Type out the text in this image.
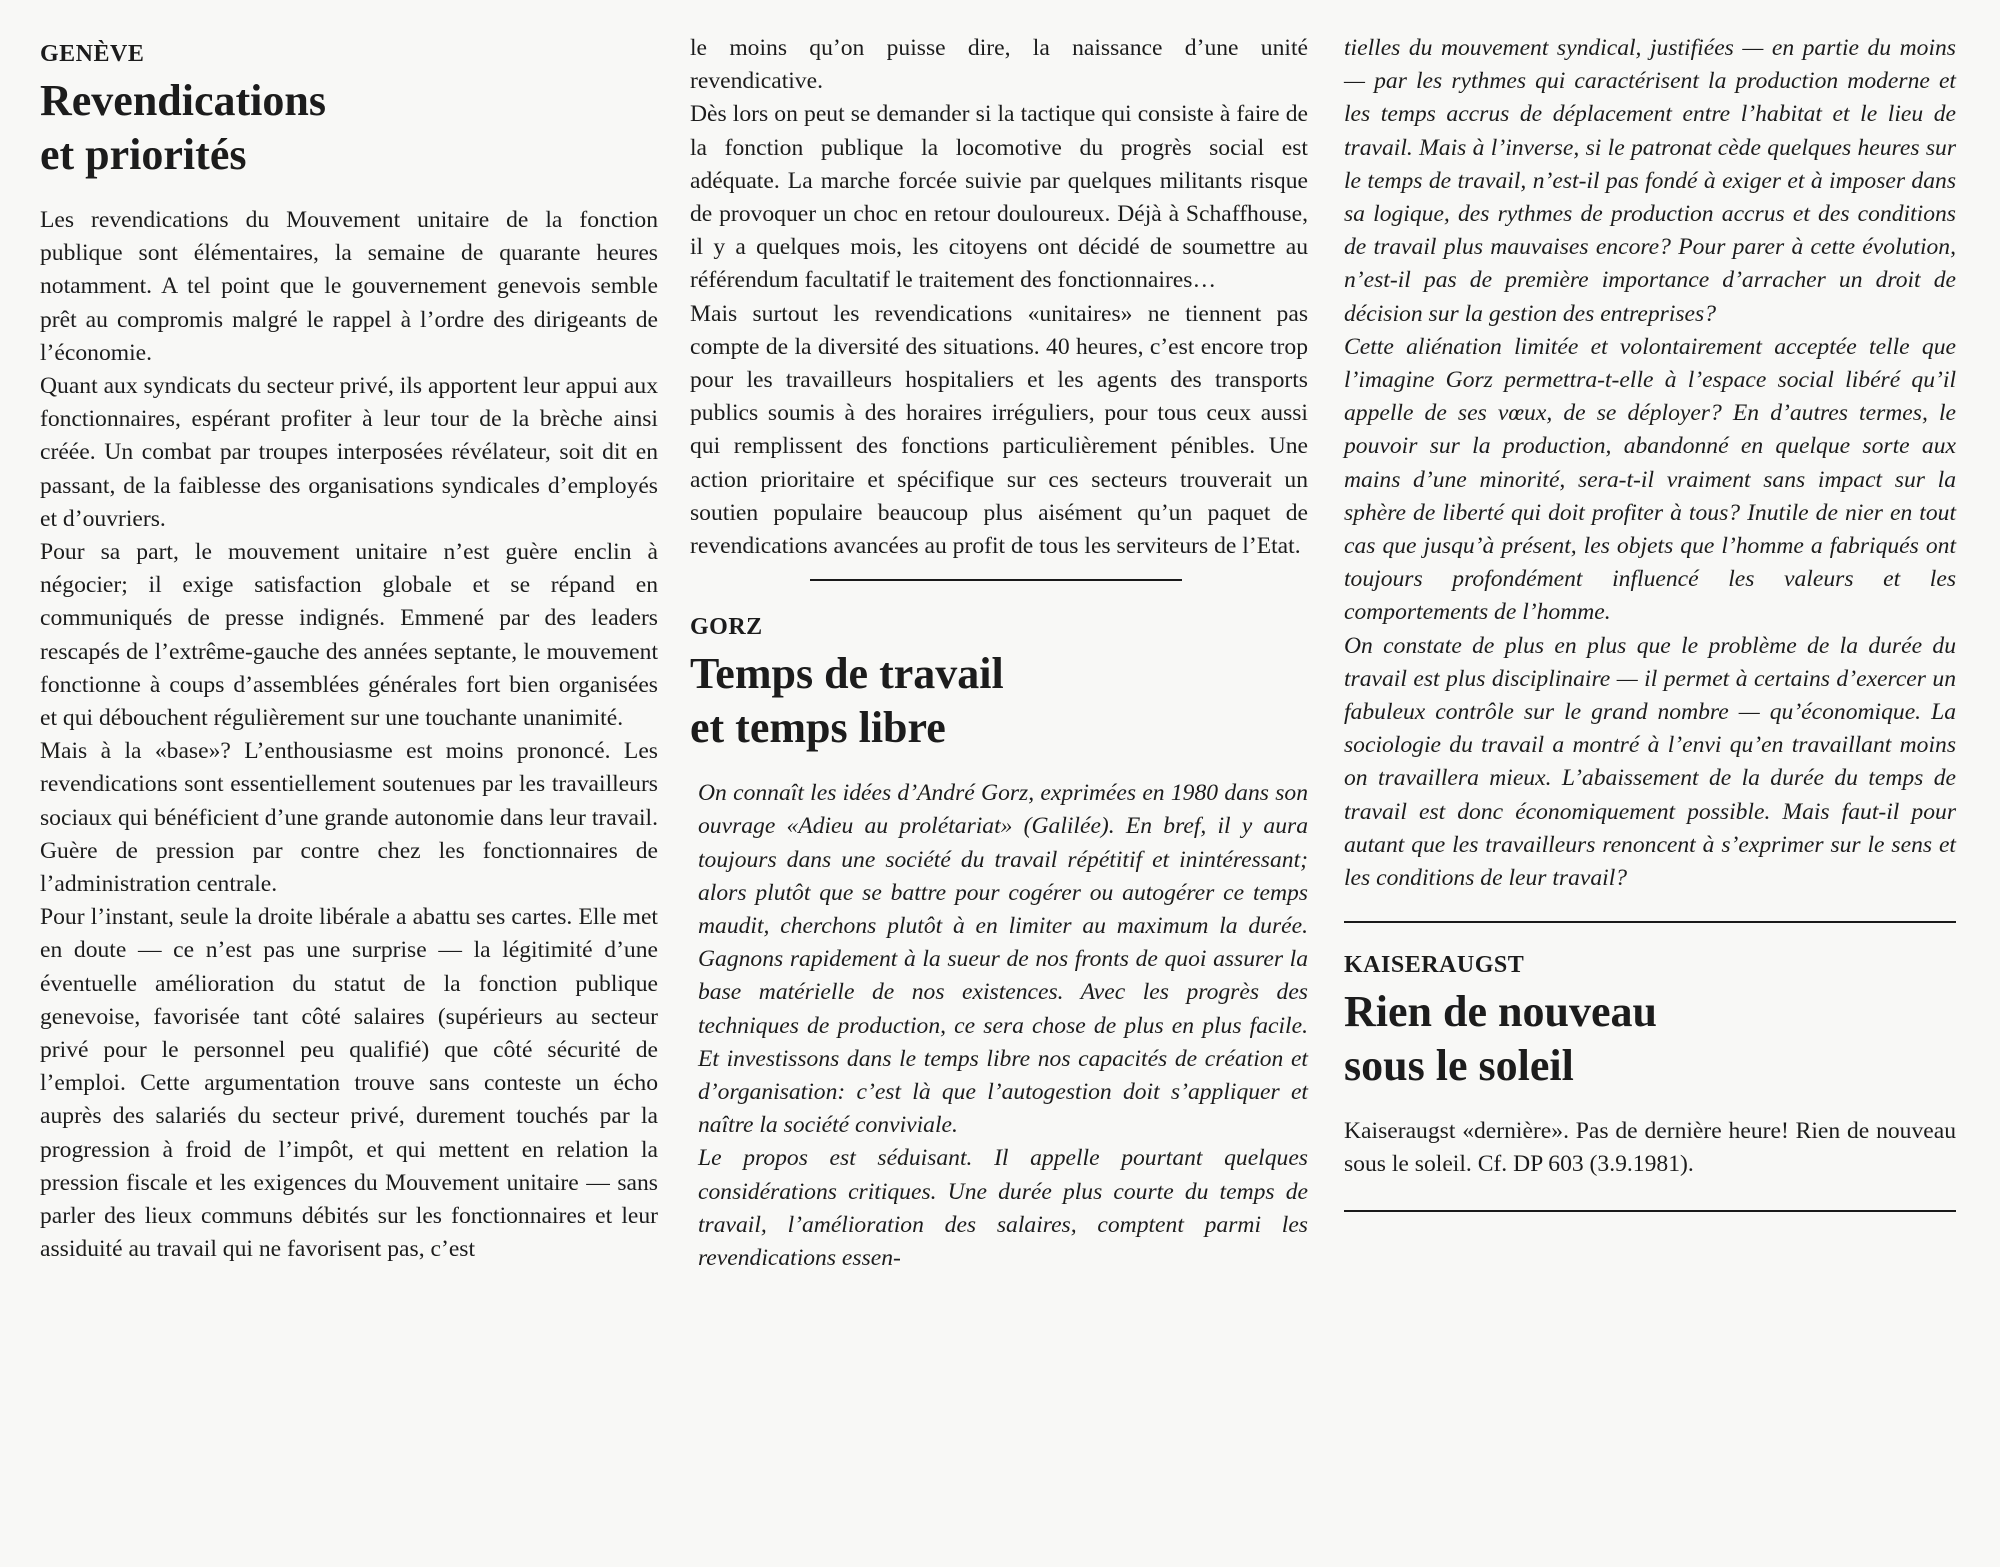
GENÈVE
Revendications
et priorités

Les revendications du Mouvement unitaire de la fonction publique sont élémentaires, la semaine de quarante heures notamment. A tel point que le gouvernement genevois semble prêt au compromis malgré le rappel à l’ordre des dirigeants de l’économie.

Quant aux syndicats du secteur privé, ils apportent leur appui aux fonctionnaires, espérant profiter à leur tour de la brèche ainsi créée. Un combat par troupes interposées révélateur, soit dit en passant, de la faiblesse des organisations syndicales d’employés et d’ouvriers.

Pour sa part, le mouvement unitaire n’est guère enclin à négocier; il exige satisfaction globale et se répand en communiqués de presse indignés. Emmené par des leaders rescapés de l’extrême-gauche des années septante, le mouvement fonctionne à coups d’assemblées générales fort bien organisées et qui débouchent régulièrement sur une touchante unanimité.

Mais à la «base»? L’enthousiasme est moins prononcé. Les revendications sont essentiellement soutenues par les travailleurs sociaux qui bénéficient d’une grande autonomie dans leur travail. Guère de pression par contre chez les fonctionnaires de l’administration centrale.

Pour l’instant, seule la droite libérale a abattu ses cartes. Elle met en doute — ce n’est pas une surprise — la légitimité d’une éventuelle amélioration du statut de la fonction publique genevoise, favorisée tant côté salaires (supérieurs au secteur privé pour le personnel peu qualifié) que côté sécurité de l’emploi. Cette argumentation trouve sans conteste un écho auprès des salariés du secteur privé, durement touchés par la progression à froid de l’impôt, et qui mettent en relation la pression fiscale et les exigences du Mouvement unitaire — sans parler des lieux communs débités sur les fonctionnaires et leur assiduité au travail qui ne favorisent pas, c’est

le moins qu’on puisse dire, la naissance d’une unité revendicative.

Dès lors on peut se demander si la tactique qui consiste à faire de la fonction publique la locomotive du progrès social est adéquate. La marche forcée suivie par quelques militants risque de provoquer un choc en retour douloureux. Déjà à Schaffhouse, il y a quelques mois, les citoyens ont décidé de soumettre au référendum facultatif le traitement des fonctionnaires…

Mais surtout les revendications «unitaires» ne tiennent pas compte de la diversité des situations. 40 heures, c’est encore trop pour les travailleurs hospitaliers et les agents des transports publics soumis à des horaires irréguliers, pour tous ceux aussi qui remplissent des fonctions particulièrement pénibles. Une action prioritaire et spécifique sur ces secteurs trouverait un soutien populaire beaucoup plus aisément qu’un paquet de revendications avancées au profit de tous les serviteurs de l’Etat.

GORZ
Temps de travail
et temps libre

On connaît les idées d’André Gorz, exprimées en 1980 dans son ouvrage «Adieu au prolétariat» (Galilée). En bref, il y aura toujours dans une société du travail répétitif et inintéressant; alors plutôt que se battre pour cogérer ou autogérer ce temps maudit, cherchons plutôt à en limiter au maximum la durée. Gagnons rapidement à la sueur de nos fronts de quoi assurer la base matérielle de nos existences. Avec les progrès des techniques de production, ce sera chose de plus en plus facile. Et investissons dans le temps libre nos capacités de création et d’organisation: c’est là que l’autogestion doit s’appliquer et naître la société conviviale.

Le propos est séduisant. Il appelle pourtant quelques considérations critiques. Une durée plus courte du temps de travail, l’amélioration des salaires, comptent parmi les revendications essen-

tielles du mouvement syndical, justifiées — en partie du moins — par les rythmes qui caractérisent la production moderne et les temps accrus de déplacement entre l’habitat et le lieu de travail. Mais à l’inverse, si le patronat cède quelques heures sur le temps de travail, n’est-il pas fondé à exiger et à imposer dans sa logique, des rythmes de production accrus et des conditions de travail plus mauvaises encore? Pour parer à cette évolution, n’est-il pas de première importance d’arracher un droit de décision sur la gestion des entreprises?

Cette aliénation limitée et volontairement acceptée telle que l’imagine Gorz permettra-t-elle à l’espace social libéré qu’il appelle de ses vœux, de se déployer? En d’autres termes, le pouvoir sur la production, abandonné en quelque sorte aux mains d’une minorité, sera-t-il vraiment sans impact sur la sphère de liberté qui doit profiter à tous? Inutile de nier en tout cas que jusqu’à présent, les objets que l’homme a fabriqués ont toujours profondément influencé les valeurs et les comportements de l’homme.

On constate de plus en plus que le problème de la durée du travail est plus disciplinaire — il permet à certains d’exercer un fabuleux contrôle sur le grand nombre — qu’économique. La sociologie du travail a montré à l’envi qu’en travaillant moins on travaillera mieux. L’abaissement de la durée du temps de travail est donc économiquement possible. Mais faut-il pour autant que les travailleurs renoncent à s’exprimer sur le sens et les conditions de leur travail?

KAISERAUGST
Rien de nouveau
sous le soleil

Kaiseraugst «dernière». Pas de dernière heure! Rien de nouveau sous le soleil. Cf. DP 603 (3.9.1981).
